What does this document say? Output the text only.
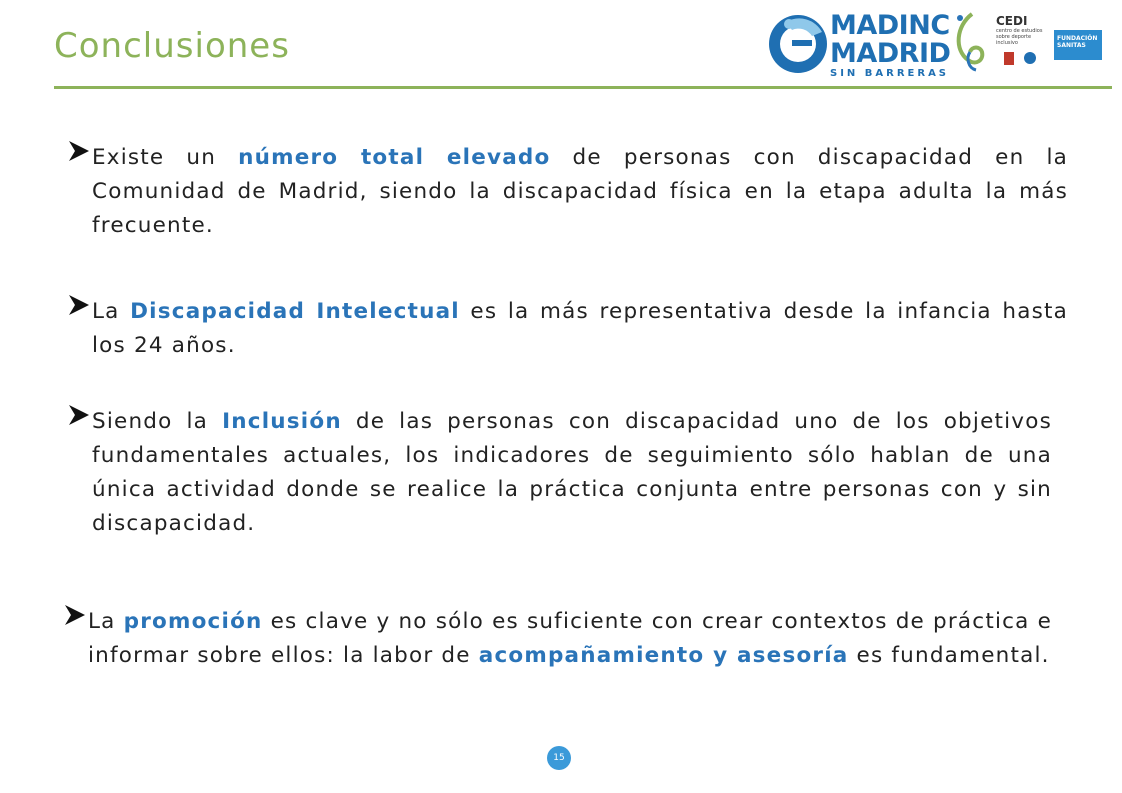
Conclusiones
MADINC
MADRID
SIN BARRERAS
CEDI
centro de estudios sobre deporte inclusivo
FUNDACIÓN
SANITAS
Existe un número total elevado de personas con discapacidad en la Comunidad de Madrid, siendo la discapacidad física en la etapa adulta la más frecuente.
La Discapacidad Intelectual es la más representativa desde la infancia hasta los 24 años.
Siendo la Inclusión de las personas con discapacidad uno de los objetivos fundamentales actuales, los indicadores de seguimiento sólo hablan de una única actividad donde se realice la práctica conjunta entre personas con y sin discapacidad.
La promoción es clave y no sólo es suficiente con crear contextos de práctica e informar sobre ellos: la labor de acompañamiento y asesoría es fundamental.
15
